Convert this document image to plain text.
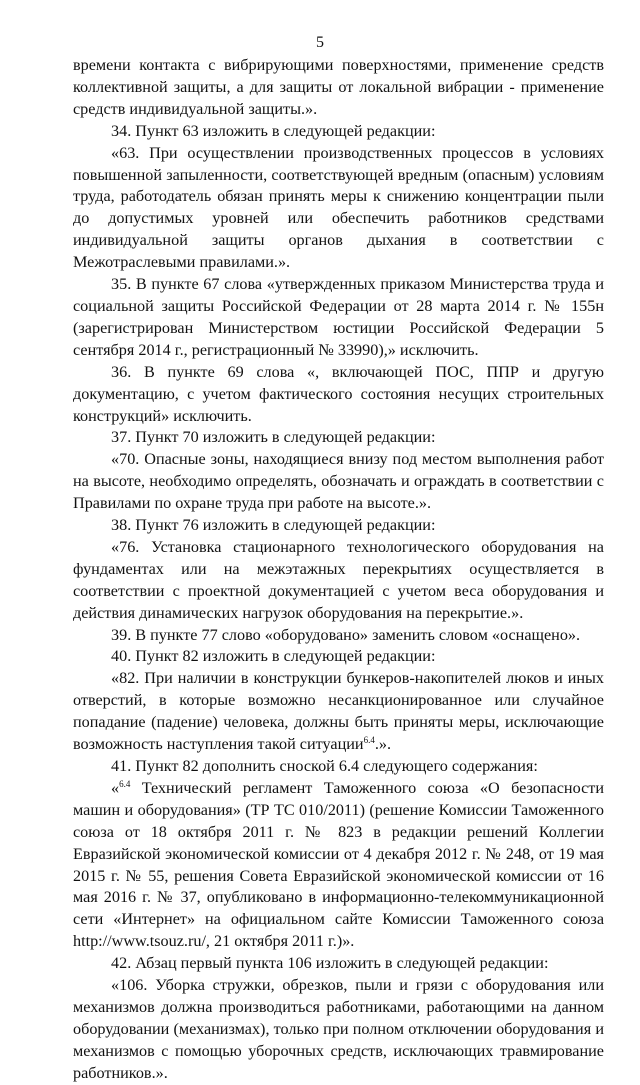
5

времени контакта с вибрирующими поверхностями, применение средств коллективной защиты, а для защиты от локальной вибрации - применение средств индивидуальной защиты.».

34. Пункт 63 изложить в следующей редакции:

«63. При осуществлении производственных процессов в условиях повышенной запыленности, соответствующей вредным (опасным) условиям труда, работодатель обязан принять меры к снижению концентрации пыли до допустимых уровней или обеспечить работников средствами индивидуальной защиты органов дыхания в соответствии с Межотраслевыми правилами.».

35. В пункте 67 слова «утвержденных приказом Министерства труда и социальной защиты Российской Федерации от 28 марта 2014 г. № 155н (зарегистрирован Министерством юстиции Российской Федерации 5 сентября 2014 г., регистрационный № 33990),» исключить.

36. В пункте 69 слова «, включающей ПОС, ППР и другую документацию, с учетом фактического состояния несущих строительных конструкций» исключить.

37. Пункт 70 изложить в следующей редакции:

«70. Опасные зоны, находящиеся внизу под местом выполнения работ на высоте, необходимо определять, обозначать и ограждать в соответствии с Правилами по охране труда при работе на высоте.».

38. Пункт 76 изложить в следующей редакции:

«76. Установка стационарного технологического оборудования на фундаментах или на межэтажных перекрытиях осуществляется в соответствии с проектной документацией с учетом веса оборудования и действия динамических нагрузок оборудования на перекрытие.».

39. В пункте 77 слово «оборудовано» заменить словом «оснащено».

40. Пункт 82 изложить в следующей редакции:

«82. При наличии в конструкции бункеров-накопителей люков и иных отверстий, в которые возможно несанкционированное или случайное попадание (падение) человека, должны быть приняты меры, исключающие возможность наступления такой ситуации$^{6.4}$.».

41. Пункт 82 дополнить сноской 6.4 следующего содержания:

«$^{6.4}$ Технический регламент Таможенного союза «О безопасности машин и оборудования» (ТР ТС 010/2011) (решение Комиссии Таможенного союза от 18 октября 2011 г. № 823 в редакции решений Коллегии Евразийской экономической комиссии от 4 декабря 2012 г. № 248, от 19 мая 2015 г. № 55, решения Совета Евразийской экономической комиссии от 16 мая 2016 г. № 37, опубликовано в информационно-телекоммуникационной сети «Интернет» на официальном сайте Комиссии Таможенного союза http://www.tsouz.ru/, 21 октября 2011 г.)».

42. Абзац первый пункта 106 изложить в следующей редакции:

«106. Уборка стружки, обрезков, пыли и грязи с оборудования или механизмов должна производиться работниками, работающими на данном оборудовании (механизмах), только при полном отключении оборудования и механизмов с помощью уборочных средств, исключающих травмирование работников.».
